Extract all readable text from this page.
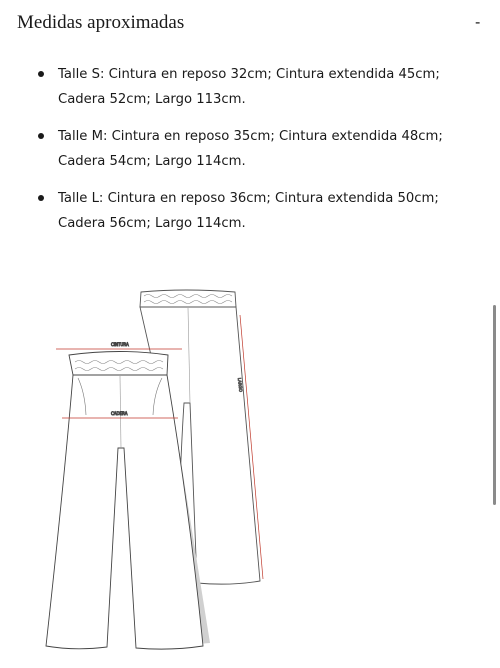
Medidas aproximadas	-
Talle S: Cintura en reposo 32cm; Cintura extendida 45cm; Cadera 52cm; Largo 113cm.
Talle M: Cintura en reposo 35cm; Cintura extendida 48cm; Cadera 54cm; Largo 114cm.
Talle L: Cintura en reposo 36cm; Cintura extendida 50cm; Cadera 56cm; Largo 114cm.
LARGO
CINTURA
CADERA
